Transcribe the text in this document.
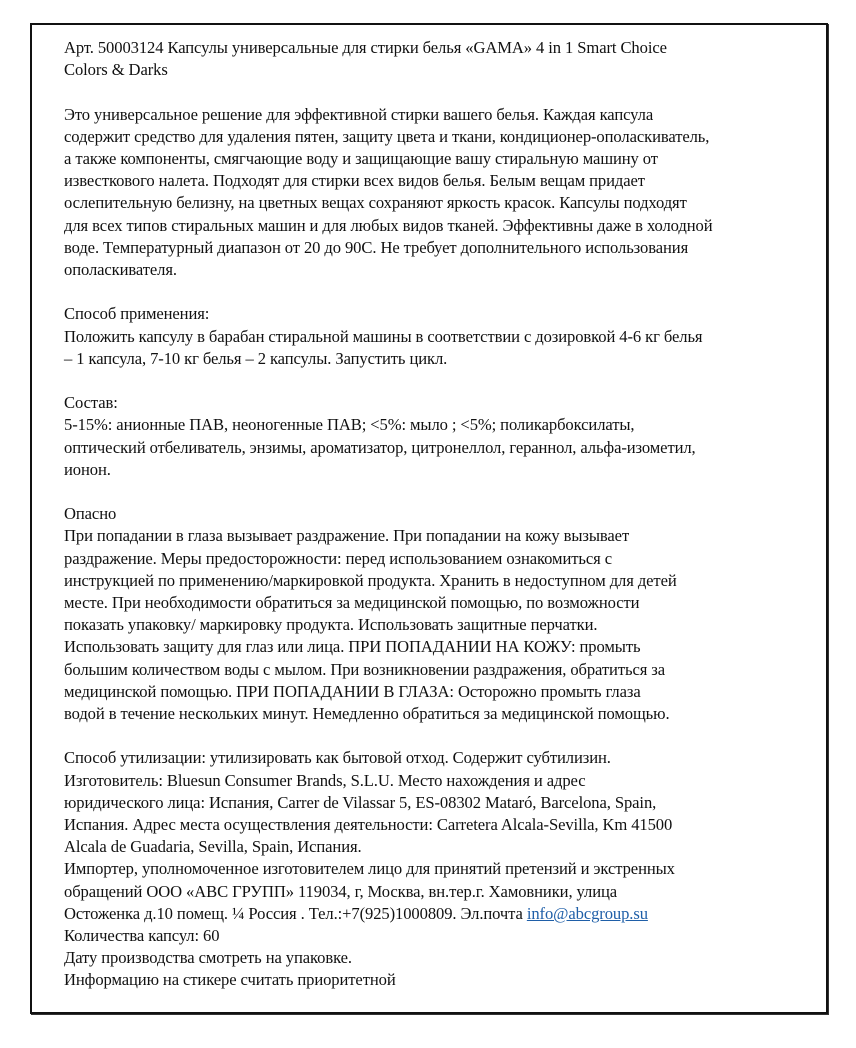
Арт. 50003124 Капсулы универсальные для стирки белья «GAMA» 4 in 1 Smart Choice

Colors & Darks

Это универсальное решение для эффективной стирки вашего белья. Каждая капсула

содержит средство для удаления пятен, защиту цвета и ткани, кондиционер-ополаскиватель,

а также компоненты, смягчающие воду и защищающие вашу стиральную машину от

известкового налета. Подходят для стирки всех видов белья. Белым вещам придает

ослепительную белизну, на цветных вещах сохраняют яркость красок. Капсулы подходят

для всех типов стиральных машин и для любых видов тканей. Эффективны даже в холодной

воде. Температурный диапазон от 20 до 90С. Не требует дополнительного использования

ополаскивателя.

Способ применения:

Положить капсулу в барабан стиральной машины в соответствии с дозировкой 4-6 кг белья

– 1 капсула, 7-10 кг белья – 2 капсулы. Запустить цикл.

Состав:

5-15%: анионные ПАВ, неоногенные ПАВ; <5%: мыло ; <5%; поликарбоксилаты,

оптический отбеливатель, энзимы, ароматизатор, цитронеллол, гераннол, альфа-изометил,

ионон.

Опасно

При попадании в глаза вызывает раздражение. При попадании на кожу вызывает

раздражение. Меры предосторожности: перед использованием ознакомиться с

инструкцией по применению/маркировкой продукта. Хранить в недоступном для детей

месте. При необходимости обратиться за медицинской помощью, по возможности

показать упаковку/ маркировку продукта. Использовать защитные перчатки.

Использовать защиту для глаз или лица. ПРИ ПОПАДАНИИ НА КОЖУ: промыть

большим количеством воды с мылом. При возникновении раздражения, обратиться за

медицинской помощью. ПРИ ПОПАДАНИИ В ГЛАЗА: Осторожно промыть глаза

водой в течение нескольких минут. Немедленно обратиться за медицинской помощью.

Способ утилизации: утилизировать как бытовой отход. Содержит субтилизин.

Изготовитель: Bluesun Consumer Brands, S.L.U. Место нахождения и адрес

юридического лица: Испания, Carrer de Vilassar 5, ES-08302 Mataró, Barcelona, Spain,

Испания. Адрес места осуществления деятельности: Carretera Alcala-Sevilla, Km 41500

Alcala de Guadaria, Sevilla, Spain, Испания.

Импортер, уполномоченное изготовителем лицо для принятий претензий и экстренных

обращений ООО «АВС ГРУПП» 119034, г, Москва, вн.тер.г. Хамовники, улица

Остоженка д.10 помещ. ¼ Россия . Тел.:+7(925)1000809. Эл.почта info@abcgroup.su

Количества капсул: 60

Дату производства смотреть на упаковке.

Информацию на стикере считать приоритетной
